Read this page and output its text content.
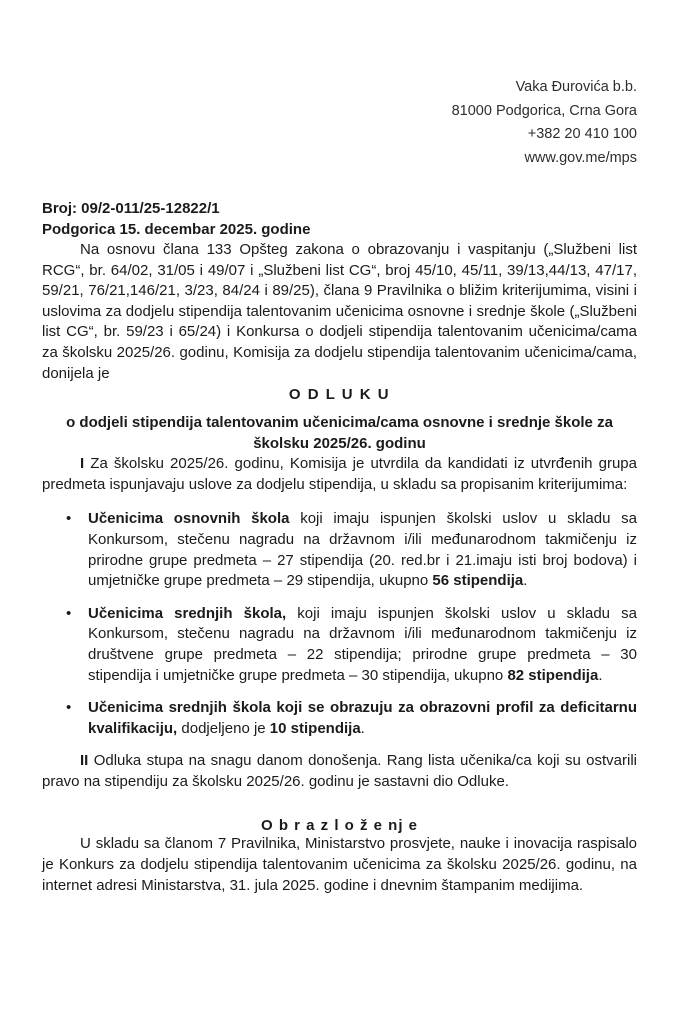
Vaka Đurovića b.b.
81000 Podgorica, Crna Gora
+382 20 410 100
www.gov.me/mps
Broj: 09/2-011/25-12822/1
Podgorica 15. decembar 2025. godine

Na osnovu člana 133 Opšteg zakona o obrazovanju i vaspitanju („Službeni list RCG“, br. 64/02, 31/05 i 49/07 i „Službeni list CG“, broj 45/10, 45/11, 39/13,44/13, 47/17, 59/21, 76/21,146/21, 3/23, 84/24 i 89/25), člana 9 Pravilnika o bližim kriterijumima, visini i uslovima za dodjelu stipendija talentovanim učenicima osnovne i srednje škole („Službeni list CG“, br. 59/23 i 65/24) i Konkursa o dodjeli stipendija talentovanim učenicima/cama za školsku 2025/26. godinu, Komisija za dodjelu stipendija talentovanim učenicima/cama, donijela je

O D L U K U

o dodjeli stipendija talentovanim učenicima/cama osnovne i srednje škole za školsku 2025/26. godinu

I Za školsku 2025/26. godinu, Komisija je utvrdila da kandidati iz utvrđenih grupa predmeta ispunjavaju uslove za dodjelu stipendija, u skladu sa propisanim kriterijumima:

• Učenicima osnovnih škola koji imaju ispunjen školski uslov u skladu sa Konkursom, stečenu nagradu na državnom i/ili međunarodnom takmičenju iz prirodne grupe predmeta – 27 stipendija (20. red.br i 21.imaju isti broj bodova) i umjetničke grupe predmeta – 29 stipendija, ukupno 56 stipendija.
• Učenicima srednjih škola, koji imaju ispunjen školski uslov u skladu sa Konkursom, stečenu nagradu na državnom i/ili međunarodnom takmičenju iz društvene grupe predmeta – 22 stipendija; prirodne grupe predmeta – 30 stipendija i umjetničke grupe predmeta – 30 stipendija, ukupno 82 stipendija.
• Učenicima srednjih škola koji se obrazuju za obrazovni profil za deficitarnu kvalifikaciju, dodjeljeno je 10 stipendija.

II Odluka stupa na snagu danom donošenja. Rang lista učenika/ca koji su ostvarili pravo na stipendiju za školsku 2025/26. godinu je sastavni dio Odluke.

O b r a z l o ž e nj e

U skladu sa članom 7 Pravilnika, Ministarstvo prosvjete, nauke i inovacija raspisalo je Konkurs za dodjelu stipendija talentovanim učenicima za školsku 2025/26. godinu, na internet adresi Ministarstva, 31. jula 2025. godine i dnevnim štampanim medijima.
